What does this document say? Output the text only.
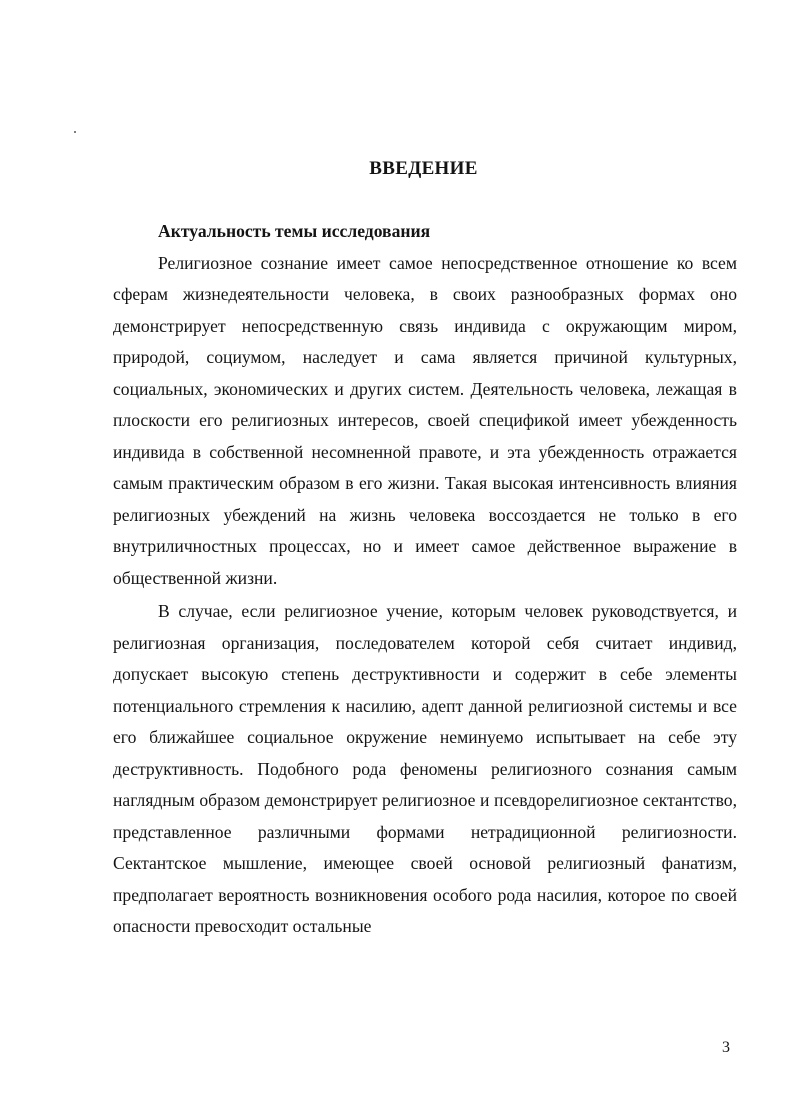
ВВЕДЕНИЕ
Актуальность темы исследования

Религиозное сознание имеет самое непосредственное отношение ко всем сферам жизнедеятельности человека, в своих разнообразных формах оно демонстрирует непосредственную связь индивида с окружающим миром, природой, социумом, наследует и сама является причиной культурных, социальных, экономических и других систем. Деятельность человека, лежащая в плоскости его религиозных интересов, своей спецификой имеет убежденность индивида в собственной несомненной правоте, и эта убежденность отражается самым практическим образом в его жизни. Такая высокая интенсивность влияния религиозных убеждений на жизнь человека воссоздается не только в его внутриличностных процессах, но и имеет самое действенное выражение в общественной жизни.

В случае, если религиозное учение, которым человек руководствуется, и религиозная организация, последователем которой себя считает индивид, допускает высокую степень деструктивности и содержит в себе элементы потенциального стремления к насилию, адепт данной религиозной системы и все его ближайшее социальное окружение неминуемо испытывает на себе эту деструктивность. Подобного рода феномены религиозного сознания самым наглядным образом демонстрирует религиозное и псевдорелигиозное сектантство, представленное различными формами нетрадиционной религиозности. Сектантское мышление, имеющее своей основой религиозный фанатизм, предполагает вероятность возникновения особого рода насилия, которое по своей опасности превосходит остальные

3
